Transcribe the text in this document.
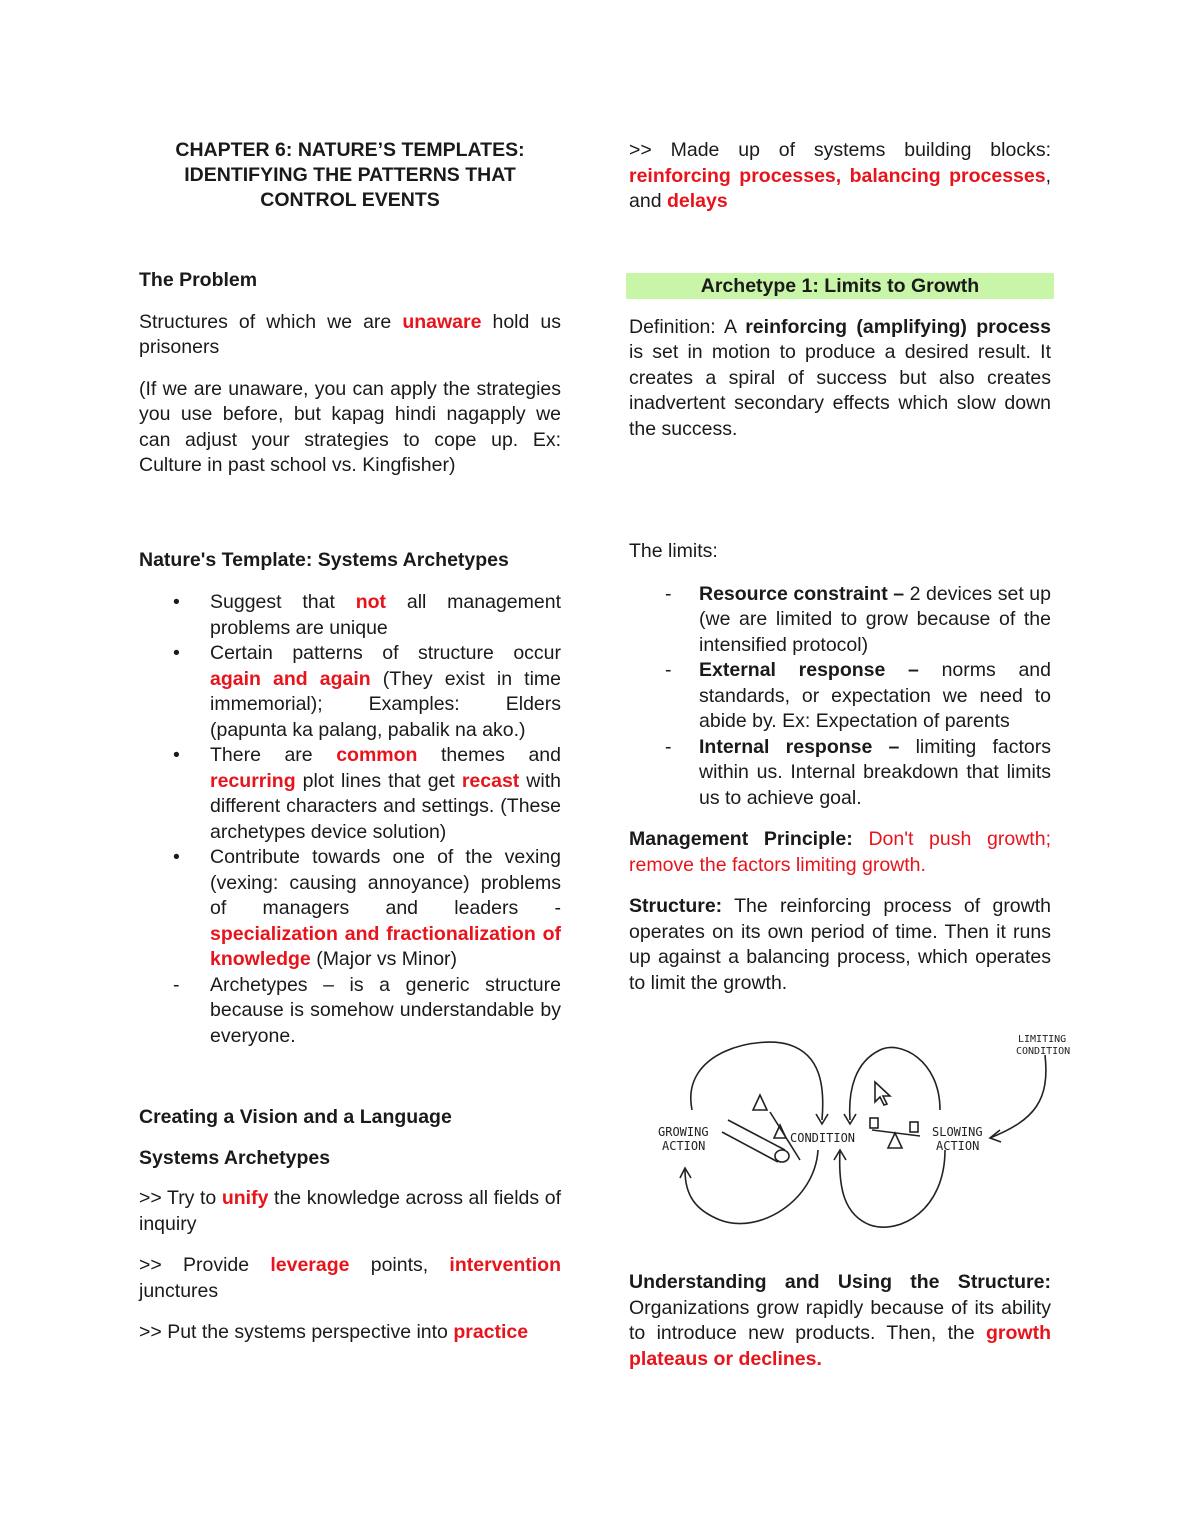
CHAPTER 6: NATURE’S TEMPLATES:
IDENTIFYING THE PATTERNS THAT
CONTROL EVENTS

The Problem

Structures of which we are unaware hold us prisoners

(If we are unaware, you can apply the strategies you use before, but kapag hindi nagapply we can adjust your strategies to cope up. Ex: Culture in past school vs. Kingfisher)

Nature's Template: Systems Archetypes

• Suggest that not all management problems are unique
• Certain patterns of structure occur again and again (They exist in time immemorial); Examples: Elders (papunta ka palang, pabalik na ako.)
• There are common themes and recurring plot lines that get recast with different characters and settings. (These archetypes device solution)
• Contribute towards one of the vexing (vexing: causing annoyance) problems of managers and leaders - specialization and fractionalization of knowledge (Major vs Minor)
- Archetypes – is a generic structure because is somehow understandable by everyone.

Creating a Vision and a Language

Systems Archetypes

>> Try to unify the knowledge across all fields of inquiry

>> Provide leverage points, intervention junctures

>> Put the systems perspective into practice

>> Made up of systems building blocks: reinforcing processes, balancing processes, and delays

Archetype 1: Limits to Growth

Definition: A reinforcing (amplifying) process is set in motion to produce a desired result. It creates a spiral of success but also creates inadvertent secondary effects which slow down the success.

The limits:

- Resource constraint – 2 devices set up (we are limited to grow because of the intensified protocol)
- External response – norms and standards, or expectation we need to abide by. Ex: Expectation of parents
- Internal response – limiting factors within us. Internal breakdown that limits us to achieve goal.

Management Principle: Don't push growth; remove the factors limiting growth.

Structure: The reinforcing process of growth operates on its own period of time. Then it runs up against a balancing process, which operates to limit the growth.

Understanding and Using the Structure: Organizations grow rapidly because of its ability to introduce new products. Then, the growth plateaus or declines.

GROWING
ACTION
CONDITION	SLOWING
ACTION
LIMITING
CONDITION
